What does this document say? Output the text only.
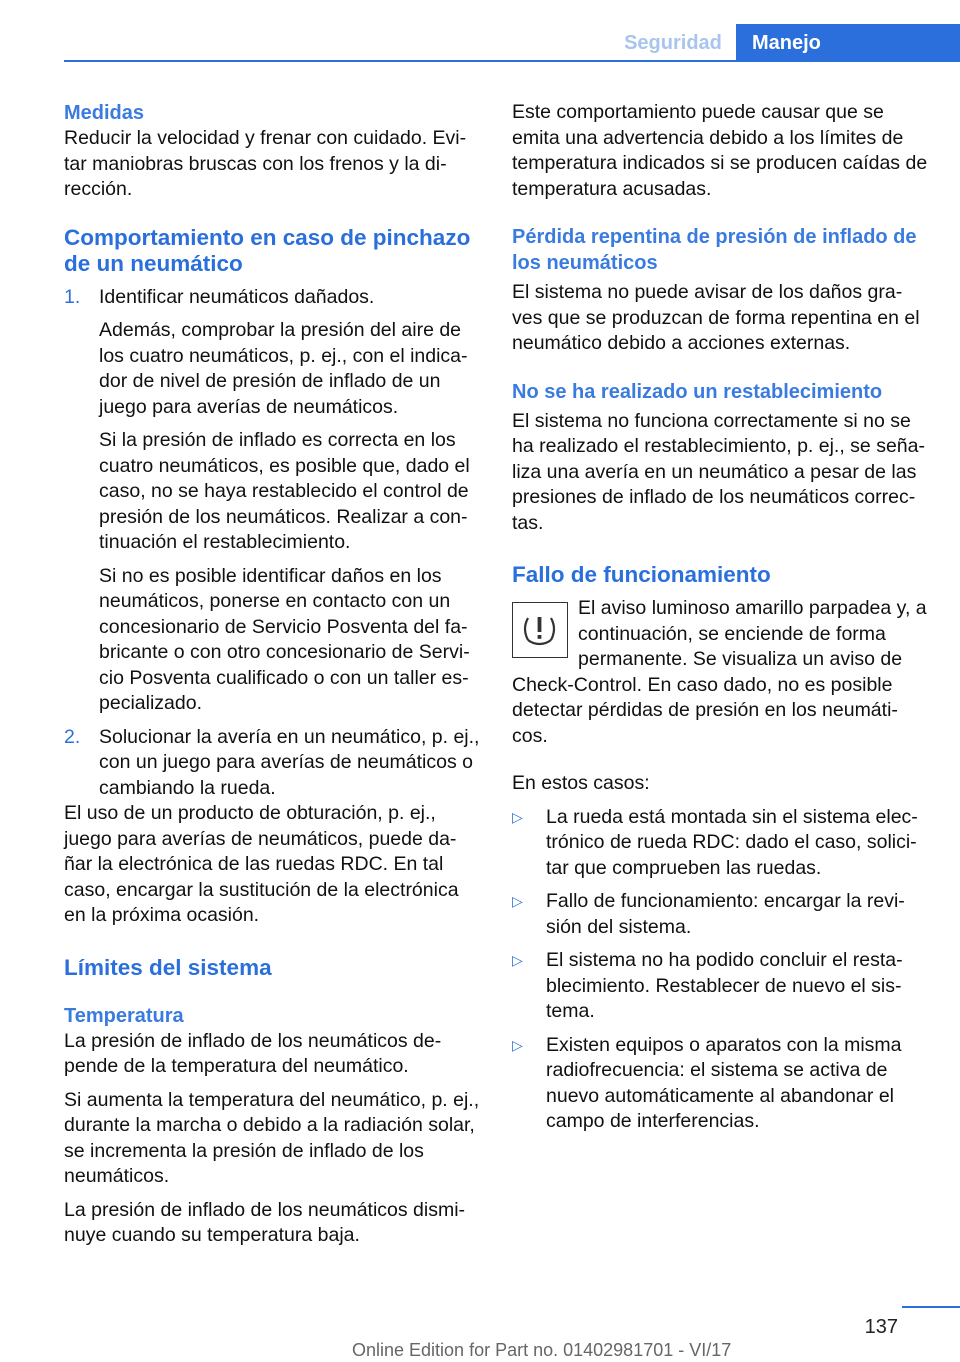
Seguridad	Manejo
Medidas

Reducir la velocidad y frenar con cuidado. Evi-tar maniobras bruscas con los frenos y la di-rección.

Comportamiento en caso de pinchazo de un neumático
1. Identificar neumáticos dañados.

Además, comprobar la presión del aire de los cuatro neumáticos, p. ej., con el indica-dor de nivel de presión de inflado de un juego para averías de neumáticos.

Si la presión de inflado es correcta en los cuatro neumáticos, es posible que, dado el caso, no se haya restablecido el control de presión de los neumáticos. Realizar a con-tinuación el restablecimiento.

Si no es posible identificar daños en los neumáticos, ponerse en contacto con un concesionario de Servicio Posventa del fa-bricante o con otro concesionario de Servi-cio Posventa cualificado o con un taller es-pecializado.

2. Solucionar la avería en un neumático, p. ej., con un juego para averías de neumáticos o cambiando la rueda.

El uso de un producto de obturación, p. ej., juego para averías de neumáticos, puede da-ñar la electrónica de las ruedas RDC. En tal caso, encargar la sustitución de la electrónica en la próxima ocasión.

Límites del sistema
Temperatura

La presión de inflado de los neumáticos de-pende de la temperatura del neumático.

Si aumenta la temperatura del neumático, p. ej., durante la marcha o debido a la radiación solar, se incrementa la presión de inflado de los neumáticos.

La presión de inflado de los neumáticos dismi-nuye cuando su temperatura baja.

Este comportamiento puede causar que se emita una advertencia debido a los límites de temperatura indicados si se producen caídas de temperatura acusadas.

Pérdida repentina de presión de inflado de los neumáticos

El sistema no puede avisar de los daños gra-ves que se produzcan de forma repentina en el neumático debido a acciones externas.

No se ha realizado un restablecimiento

El sistema no funciona correctamente si no se ha realizado el restablecimiento, p. ej., se seña-liza una avería en un neumático a pesar de las presiones de inflado de los neumáticos correc-tas.

Fallo de funcionamiento

El aviso luminoso amarillo parpadea y, a continuación, se enciende de forma permanente. Se visualiza un aviso de Check-Control. En caso dado, no es posible detectar pérdidas de presión en los neumáti-cos.

En estos casos:

▷	La rueda está montada sin el sistema elec-trónico de rueda RDC: dado el caso, solici-tar que comprueben las ruedas.
▷	Fallo de funcionamiento: encargar la revi-sión del sistema.
▷	El sistema no ha podido concluir el resta-blecimiento. Restablecer de nuevo el sis-tema.
▷	Existen equipos o aparatos con la misma radiofrecuencia: el sistema se activa de nuevo automáticamente al abandonar el campo de interferencias.
137
Online Edition for Part no. 01402981701 - VI/17
